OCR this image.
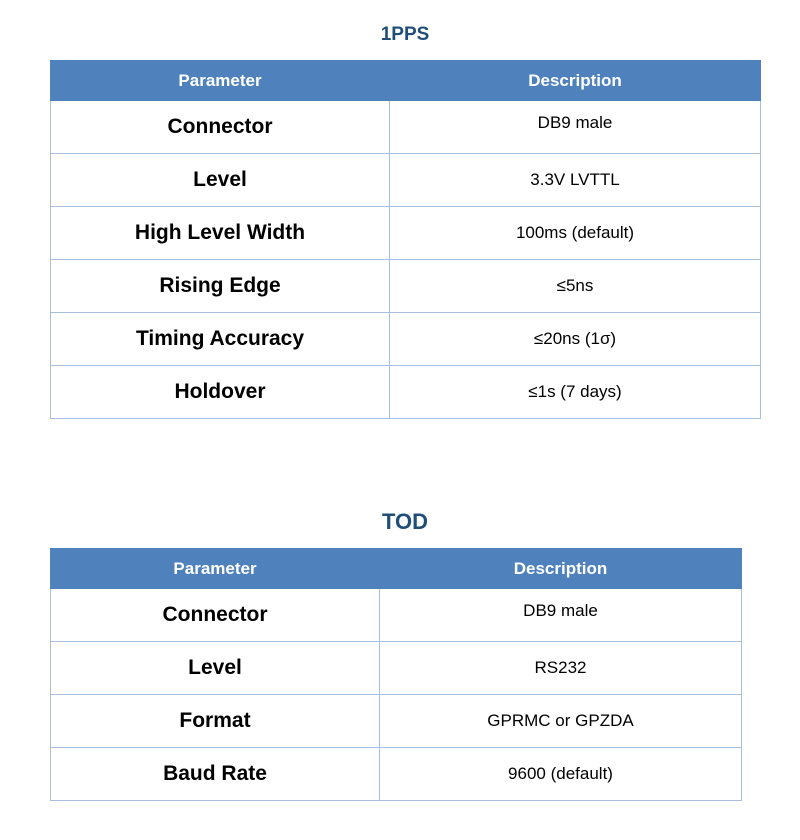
1PPS
Parameter	Description
Connector	DB9 male
Level	3.3V LVTTL
High Level Width	100ms (default)
Rising Edge	≤5ns
Timing Accuracy	≤20ns (1σ)
Holdover	≤1s (7 days)
TOD
Parameter	Description
Connector	DB9 male
Level	RS232
Format	GPRMC or GPZDA
Baud Rate	9600 (default)
